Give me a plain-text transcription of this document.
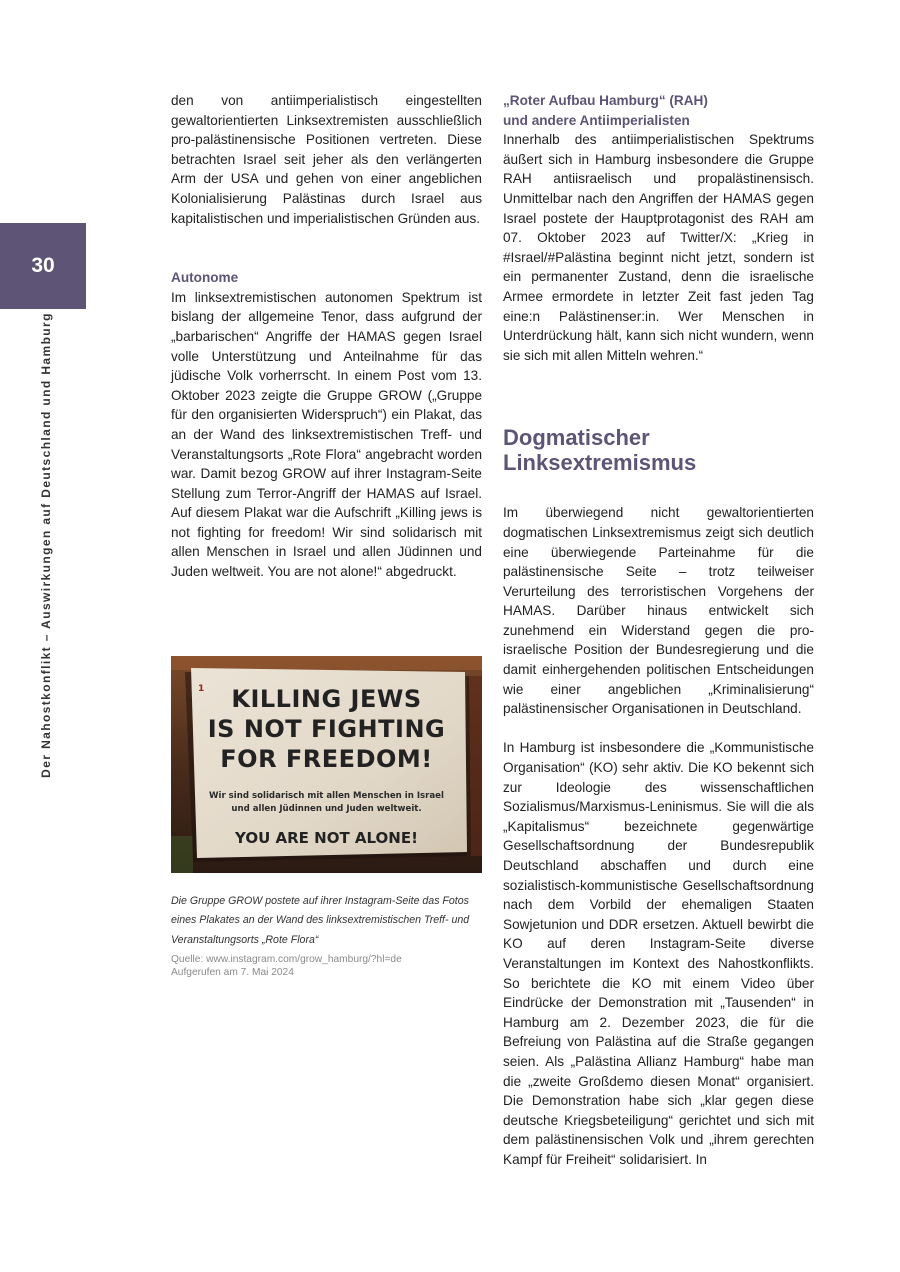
30
Der Nahostkonflikt – Auswirkungen auf Deutschland und Hamburg

den von antiimperialistisch eingestellten gewaltorientierten Linksextremisten ausschließlich pro-palästinensische Positionen vertreten. Diese betrachten Israel seit jeher als den verlängerten Arm der USA und gehen von einer angeblichen Kolonialisierung Palästinas durch Israel aus kapitalistischen und imperialistischen Gründen aus.

Autonome

Im linksextremistischen autonomen Spektrum ist bislang der allgemeine Tenor, dass aufgrund der „barbarischen“ Angriffe der HAMAS gegen Israel volle Unterstützung und Anteilnahme für das jüdische Volk vorherrscht. In einem Post vom 13. Oktober 2023 zeigte die Gruppe GROW („Gruppe für den organisierten Widerspruch“) ein Plakat, das an der Wand des linksextremistischen Treff- und Veranstaltungsorts „Rote Flora“ angebracht worden war. Damit bezog GROW auf ihrer Instagram-Seite Stellung zum Terror-Angriff der HAMAS auf Israel. Auf diesem Plakat war die Aufschrift „Killing jews is not fighting for freedom! Wir sind solidarisch mit allen Menschen in Israel und allen Jüdinnen und Juden weltweit. You are not alone!“ abgedruckt.

1	KILLING JEWS
IS NOT FIGHTING
FOR FREEDOM!
Wir sind solidarisch mit allen Menschen in Israel
und allen Jüdinnen und Juden weltweit.
YOU ARE NOT ALONE!

Die Gruppe GROW postete auf ihrer Instagram-Seite das Fotos eines Plakates an der Wand des linksextremistischen Treff- und Veranstaltungsorts „Rote Flora“

Quelle: www.instagram.com/grow_hamburg/?hl=de

Aufgerufen am 7. Mai 2024

„Roter Aufbau Hamburg“ (RAH)
und andere Antiimperialisten

Innerhalb des antiimperialistischen Spektrums äußert sich in Hamburg insbesondere die Gruppe RAH antiisraelisch und propalästinensisch. Unmittelbar nach den Angriffen der HAMAS gegen Israel postete der Hauptprotagonist des RAH am 07. Oktober 2023 auf Twitter/X: „Krieg in #Israel/#Palästina beginnt nicht jetzt, sondern ist ein permanenter Zustand, denn die israelische Armee ermordete in letzter Zeit fast jeden Tag eine:n Palästinenser:in. Wer Menschen in Unterdrückung hält, kann sich nicht wundern, wenn sie sich mit allen Mitteln wehren.“

Dogmatischer
Linksextremismus

Im überwiegend nicht gewaltorientierten dogmatischen Linksextremismus zeigt sich deutlich eine überwiegende Parteinahme für die palästinensische Seite – trotz teilweiser Verurteilung des terroristischen Vorgehens der HAMAS. Darüber hinaus entwickelt sich zunehmend ein Widerstand gegen die pro-israelische Position der Bundesregierung und die damit einhergehenden politischen Entscheidungen wie einer angeblichen „Kriminalisierung“ palästinensischer Organisationen in Deutschland.

In Hamburg ist insbesondere die „Kommunistische Organisation“ (KO) sehr aktiv. Die KO bekennt sich zur Ideologie des wissenschaftlichen Sozialismus/Marxismus-Leninismus. Sie will die als „Kapitalismus“ bezeichnete gegenwärtige Gesellschaftsordnung der Bundesrepublik Deutschland abschaffen und durch eine sozialistisch-kommunistische Gesellschaftsordnung nach dem Vorbild der ehemaligen Staaten Sowjetunion und DDR ersetzen. Aktuell bewirbt die KO auf deren Instagram-Seite diverse Veranstaltungen im Kontext des Nahostkonflikts. So berichtete die KO mit einem Video über Eindrücke der Demonstration mit „Tausenden“ in Hamburg am 2. Dezember 2023, die für die Befreiung von Palästina auf die Straße gegangen seien. Als „Palästina Allianz Hamburg“ habe man die „zweite Großdemo diesen Monat“ organisiert. Die Demonstration habe sich „klar gegen diese deutsche Kriegsbeteiligung“ gerichtet und sich mit dem palästinensischen Volk und „ihrem gerechten Kampf für Freiheit“ solidarisiert. In
